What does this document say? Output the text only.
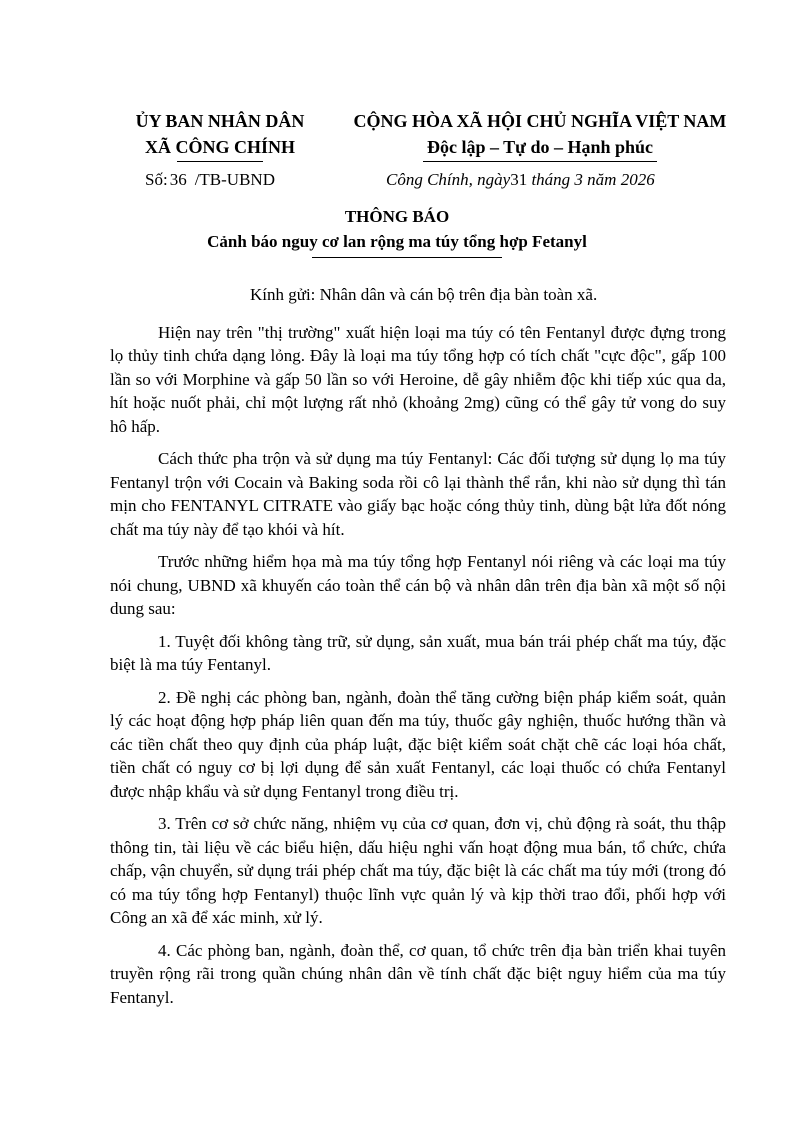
ỦY BAN NHÂN DÂN
XÃ CÔNG CHÍNH
CỘNG HÒA XÃ HỘI CHỦ NGHĨA VIỆT NAM
Độc lập – Tự do – Hạnh phúc
Số: 36 /TB-UBND	Công Chính, ngày31 tháng 3 năm 2026
THÔNG BÁO
Cảnh báo nguy cơ lan rộng ma túy tổng hợp Fetanyl

Kính gửi: Nhân dân và cán bộ trên địa bàn toàn xã.

Hiện nay trên "thị trường" xuất hiện loại ma túy có tên Fentanyl được đựng trong lọ thủy tinh chứa dạng lỏng. Đây là loại ma túy tổng hợp có tích chất "cực độc", gấp 100 lần so với Morphine và gấp 50 lần so với Heroine, dễ gây nhiễm độc khi tiếp xúc qua da, hít hoặc nuốt phải, chỉ một lượng rất nhỏ (khoảng 2mg) cũng có thể gây tử vong do suy hô hấp.

Cách thức pha trộn và sử dụng ma túy Fentanyl: Các đối tượng sử dụng lọ ma túy Fentanyl trộn với Cocain và Baking soda rồi cô lại thành thể rắn, khi nào sử dụng thì tán mịn cho FENTANYL CITRATE vào giấy bạc hoặc cóng thủy tinh, dùng bật lửa đốt nóng chất ma túy này để tạo khói và hít.

Trước những hiểm họa mà ma túy tổng hợp Fentanyl nói riêng và các loại ma túy nói chung, UBND xã khuyến cáo toàn thể cán bộ và nhân dân trên địa bàn xã một số nội dung sau:

1. Tuyệt đối không tàng trữ, sử dụng, sản xuất, mua bán trái phép chất ma túy, đặc biệt là ma túy Fentanyl.

2. Đề nghị các phòng ban, ngành, đoàn thể tăng cường biện pháp kiểm soát, quản lý các hoạt động hợp pháp liên quan đến ma túy, thuốc gây nghiện, thuốc hướng thần và các tiền chất theo quy định của pháp luật, đặc biệt kiểm soát chặt chẽ các loại hóa chất, tiền chất có nguy cơ bị lợi dụng để sản xuất Fentanyl, các loại thuốc có chứa Fentanyl được nhập khẩu và sử dụng Fentanyl trong điều trị.

3. Trên cơ sở chức năng, nhiệm vụ của cơ quan, đơn vị, chủ động rà soát, thu thập thông tin, tài liệu về các biểu hiện, dấu hiệu nghi vấn hoạt động mua bán, tổ chức, chứa chấp, vận chuyển, sử dụng trái phép chất ma túy, đặc biệt là các chất ma túy mới (trong đó có ma túy tổng hợp Fentanyl) thuộc lĩnh vực quản lý và kịp thời trao đổi, phối hợp với Công an xã để xác minh, xử lý.

4. Các phòng ban, ngành, đoàn thể, cơ quan, tổ chức trên địa bàn triển khai tuyên truyền rộng rãi trong quần chúng nhân dân về tính chất đặc biệt nguy hiểm của ma túy Fentanyl.
